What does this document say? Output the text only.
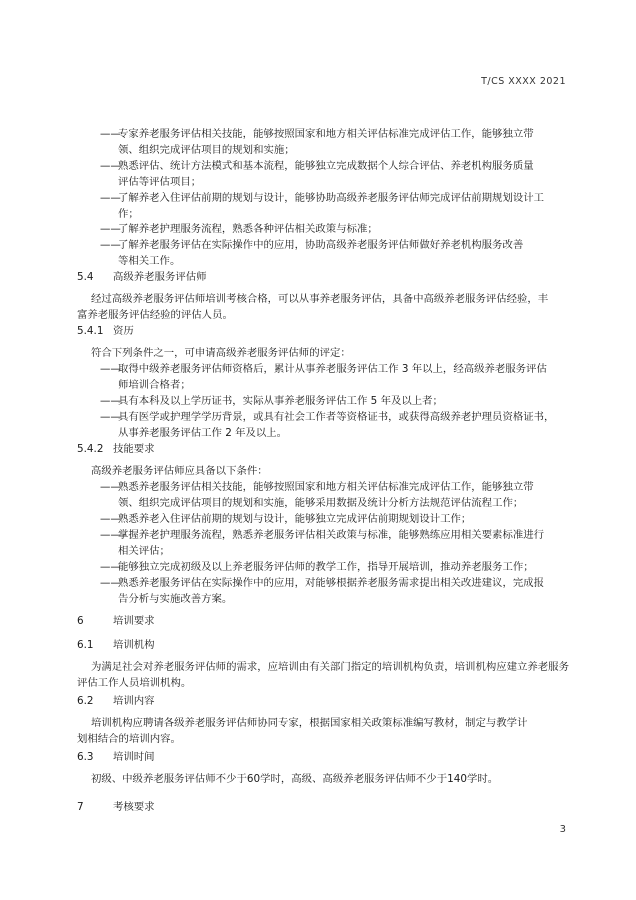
T/CS XXXX 2021
——
专家养老服务评估相关技能，能够按照国家和地方相关评估标准完成评估工作，能够独立带
领、组织完成评估项目的规划和实施；
——
熟悉评估、统计方法模式和基本流程，能够独立完成数据个人综合评估、养老机构服务质量
评估等评估项目；
——
了解养老入住评估前期的规划与设计，能够协助高级养老服务评估师完成评估前期规划设计工
作；
——
了解养老护理服务流程，熟悉各种评估相关政策与标准；
——
了解养老服务评估在实际操作中的应用，协助高级养老服务评估师做好养老机构服务改善
等相关工作。
5.4 高级养老服务评估师
经过高级养老服务评估师培训考核合格，可以从事养老服务评估，具备中高级养老服务评估经验，丰
富养老服务评估经验的评估人员。
5.4.1 资历
符合下列条件之一，可申请高级养老服务评估师的评定：
——
取得中级养老服务评估师资格后，累计从事养老服务评估工作 3 年以上，经高级养老服务评估
师培训合格者；
——
具有本科及以上学历证书，实际从事养老服务评估工作 5 年及以上者；
——
具有医学或护理学学历背景，或具有社会工作者等资格证书，或获得高级养老护理员资格证书，
从事养老服务评估工作 2 年及以上。
5.4.2 技能要求
高级养老服务评估师应具备以下条件：
——
熟悉养老服务评估相关技能，能够按照国家和地方相关评估标准完成评估工作，能够独立带
领、组织完成评估项目的规划和实施，能够采用数据及统计分析方法规范评估流程工作；
——
熟悉养老入住评估前期的规划与设计，能够独立完成评估前期规划设计工作；
——
掌握养老护理服务流程，熟悉养老服务评估相关政策与标准，能够熟练应用相关要素标准进行
相关评估；
——
能够独立完成初级及以上养老服务评估师的教学工作，指导开展培训，推动养老服务工作；
——
熟悉养老服务评估在实际操作中的应用，对能够根据养老服务需求提出相关改进建议，完成报
告分析与实施改善方案。
6	培训要求
6.1 培训机构
为满足社会对养老服务评估师的需求，应培训由有关部门指定的培训机构负责，培训机构应建立养老服务
评估工作人员培训机构。
6.2 培训内容
培训机构应聘请各级养老服务评估师协同专家，根据国家相关政策标准编写教材，制定与教学计
划相结合的培训内容。
6.3 培训时间
初级、中级养老服务评估师不少于60学时，高级、高级养老服务评估师不少于140学时。
7	考核要求
3
